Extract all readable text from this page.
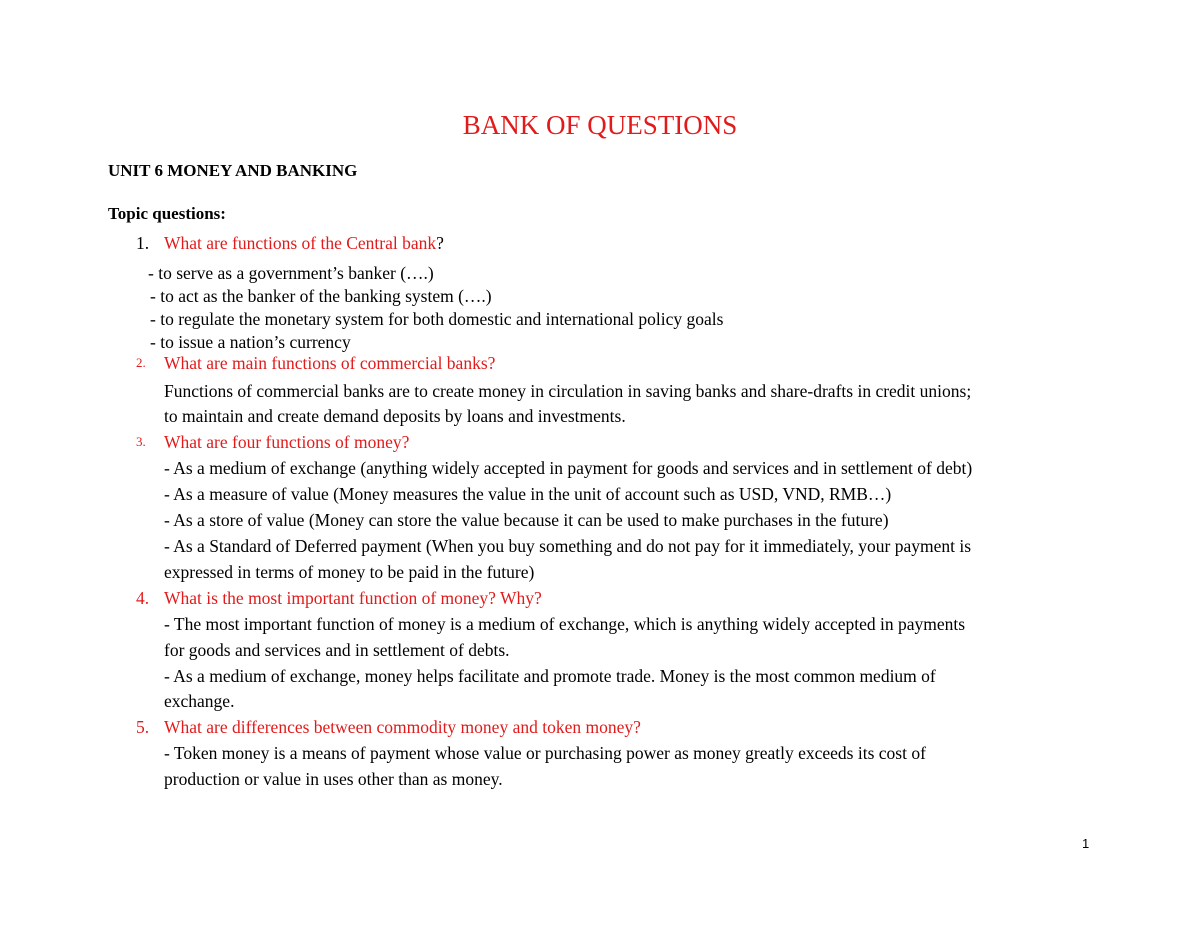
BANK OF QUESTIONS
UNIT 6 MONEY AND BANKING
Topic questions:
1. What are functions of the Central bank?
- to serve as a government’s banker (….)
- to act as the banker of the banking system (….)
- to regulate the monetary system for both domestic and international policy goals
- to issue a nation’s currency
2. What are main functions of commercial banks?
Functions of commercial banks are to create money in circulation in saving banks and share-drafts in credit unions;
to maintain and create demand deposits by loans and investments.
3. What are four functions of money?
- As a medium of exchange (anything widely accepted in payment for goods and services and in settlement of debt)
- As a measure of value (Money measures the value in the unit of account such as USD, VND, RMB…)
- As a store of value (Money can store the value because it can be used to make purchases in the future)
- As a Standard of Deferred payment (When you buy something and do not pay for it immediately, your payment is
expressed in terms of money to be paid in the future)
4. What is the most important function of money? Why?
- The most important function of money is a medium of exchange, which is anything widely accepted in payments
for goods and services and in settlement of debts.
- As a medium of exchange, money helps facilitate and promote trade. Money is the most common medium of
exchange.
5. What are differences between commodity money and token money?
- Token money is a means of payment whose value or purchasing power as money greatly exceeds its cost of
production or value in uses other than as money.
1
